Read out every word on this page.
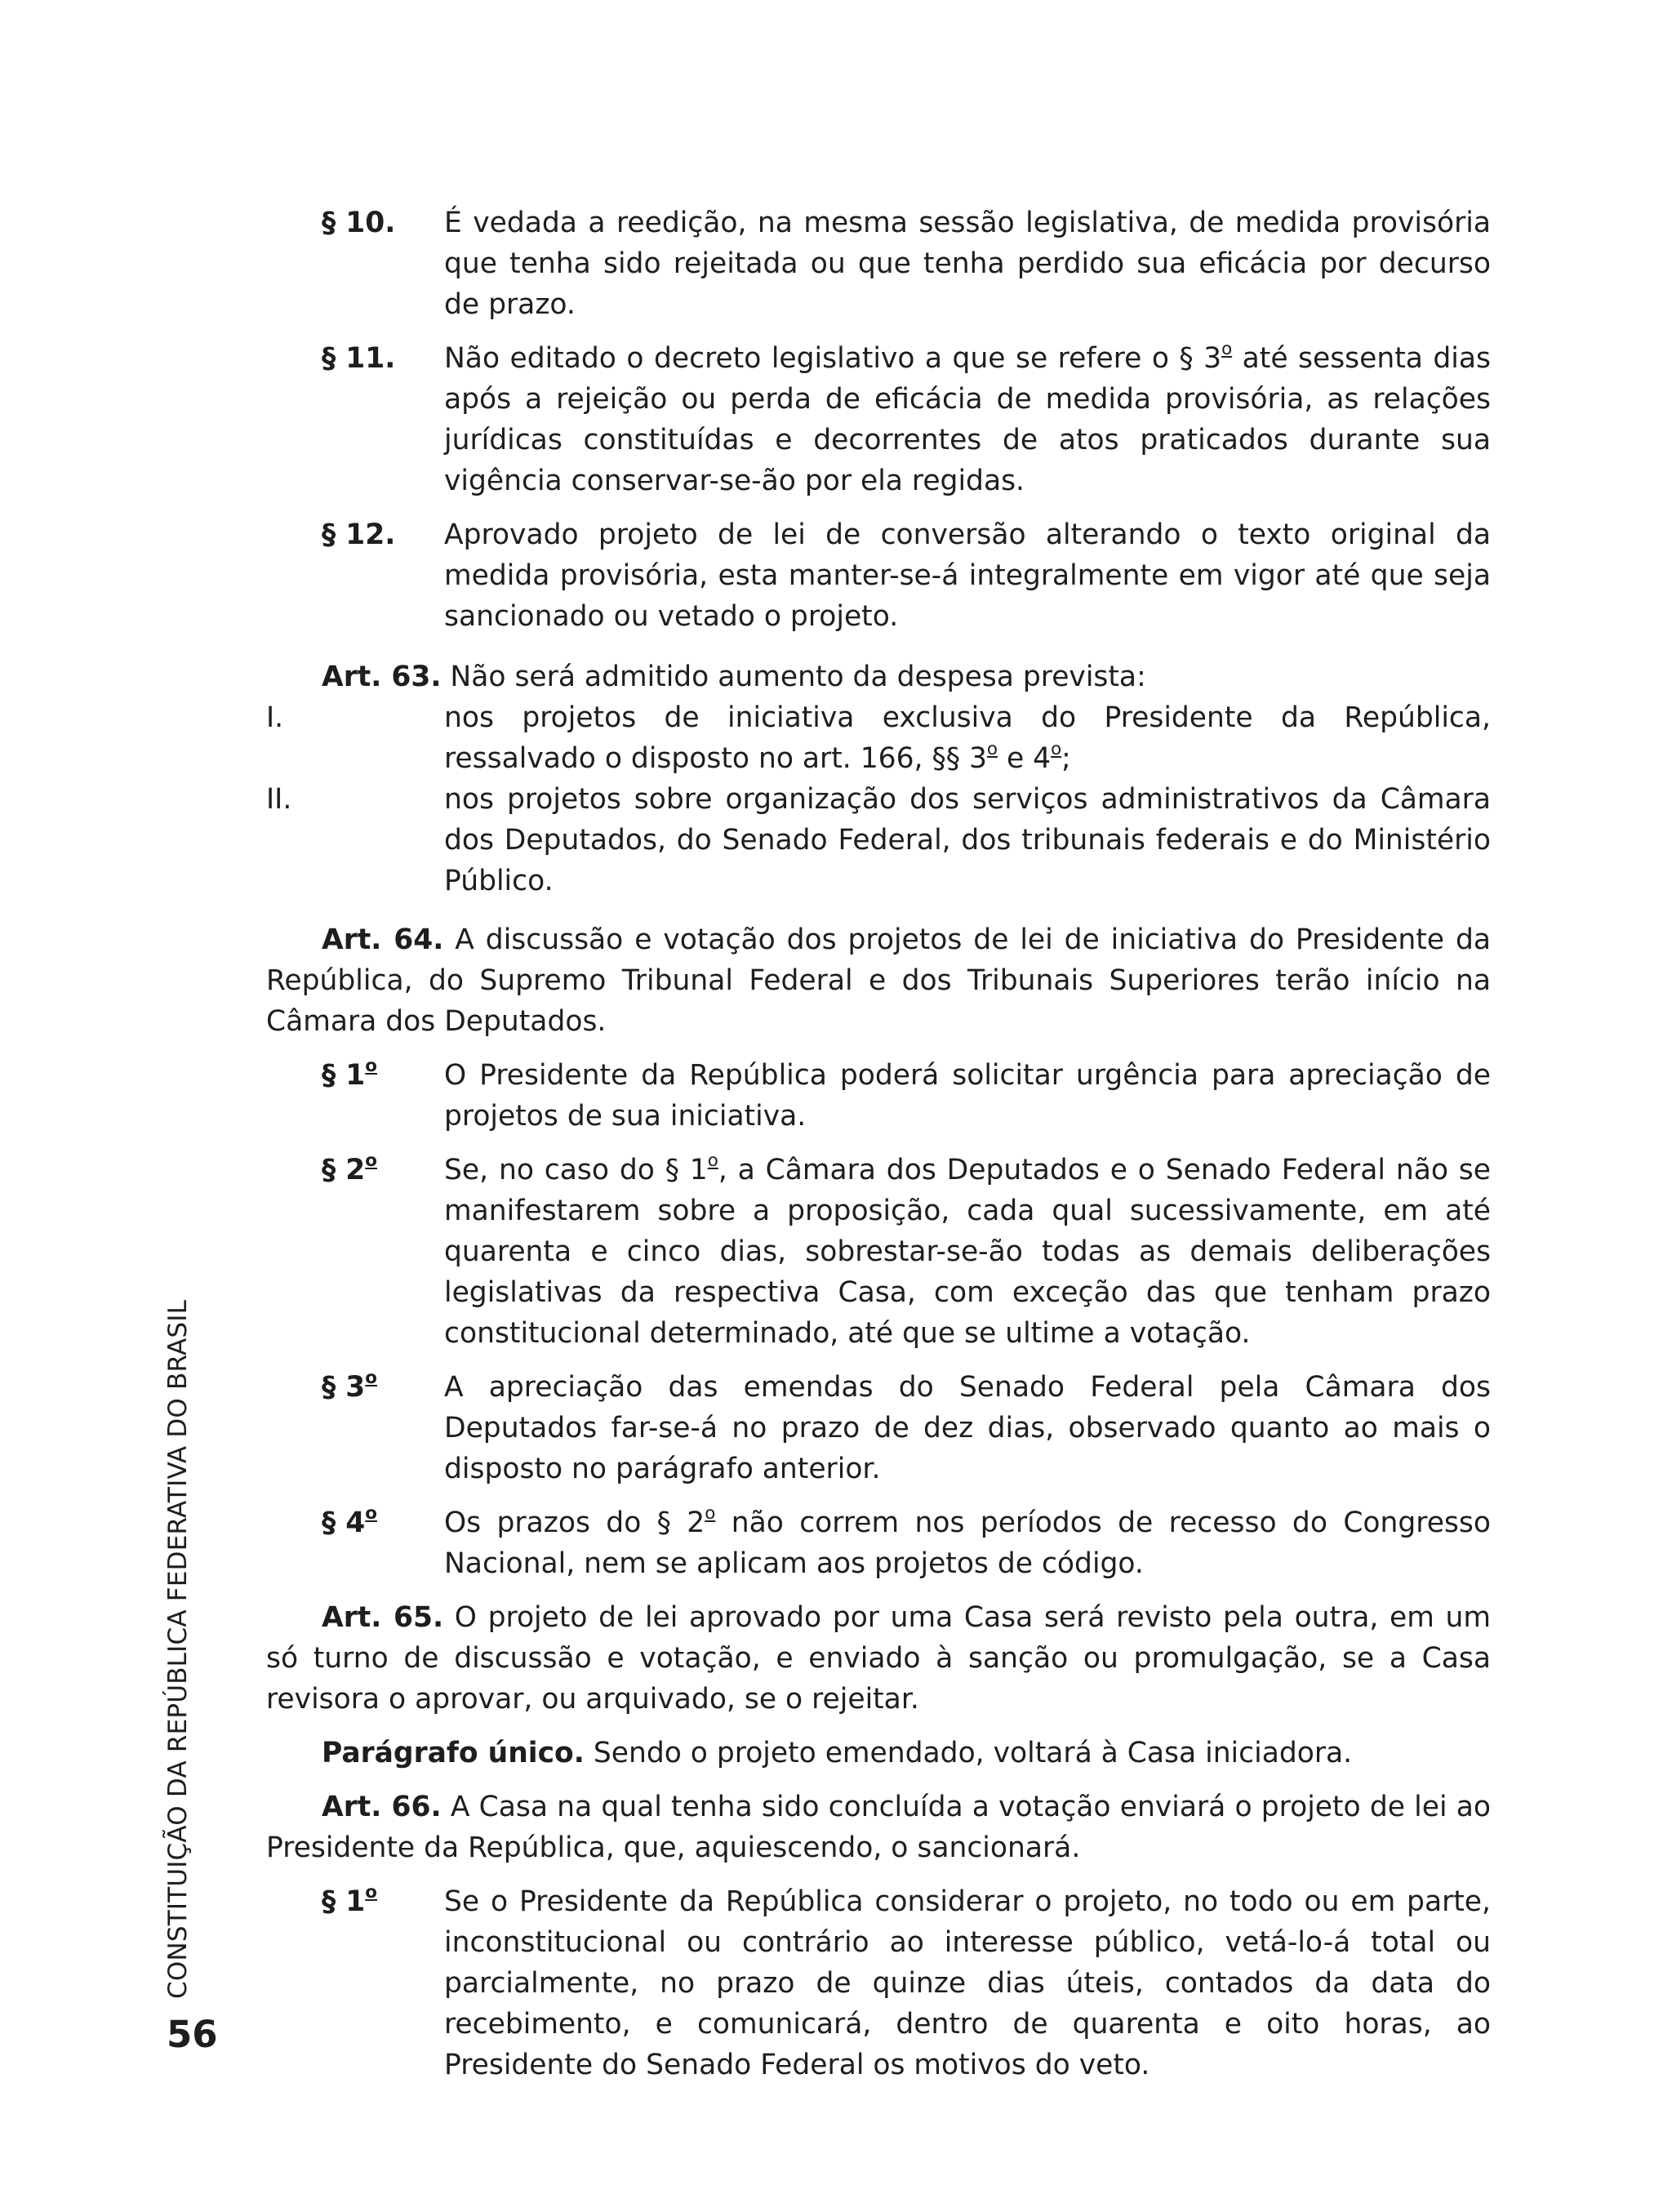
§ 10.	É vedada a reedição, na mesma sessão legislativa, de medida provisória que tenha sido rejeitada ou que tenha perdido sua eficácia por decurso de prazo.
§ 11.	Não editado o decreto legislativo a que se refere o § 3$^o$ até sessenta dias após a rejeição ou perda de eficácia de medida provisória, as relações jurídicas constituídas e decorrentes de atos praticados durante sua vigência conservar-se-ão por ela regidas.
§ 12.	Aprovado projeto de lei de conversão alterando o texto original da medida provisória, esta manter-se-á integralmente em vigor até que seja sancionado ou vetado o projeto.
Art. 63. Não será admitido aumento da despesa prevista:
I.	nos projetos de iniciativa exclusiva do Presidente da República, ressalvado o disposto no art. 166, §§ 3$^o$ e 4$^o$;
II.	nos projetos sobre organização dos serviços administrativos da Câmara dos Deputados, do Senado Federal, dos tribunais federais e do Ministério Público.
Art. 64. A discussão e votação dos projetos de lei de iniciativa do Presidente da República, do Supremo Tribunal Federal e dos Tribunais Superiores terão início na Câmara dos Deputados.
§ 1$^o$	O Presidente da República poderá solicitar urgência para apreciação de projetos de sua iniciativa.
§ 2$^o$	Se, no caso do § 1$^o$, a Câmara dos Deputados e o Senado Federal não se manifestarem sobre a proposição, cada qual sucessivamente, em até quarenta e cinco dias, sobrestar-se-ão todas as demais deliberações legislativas da respectiva Casa, com exceção das que tenham prazo constitucional determinado, até que se ultime a votação.
§ 3$^o$	A apreciação das emendas do Senado Federal pela Câmara dos Deputados far-se-á no prazo de dez dias, observado quanto ao mais o disposto no parágrafo anterior.
§ 4$^o$	Os prazos do § 2$^o$ não correm nos períodos de recesso do Congresso Nacional, nem se aplicam aos projetos de código.
Art. 65. O projeto de lei aprovado por uma Casa será revisto pela outra, em um só turno de discussão e votação, e enviado à sanção ou promulgação, se a Casa revisora o aprovar, ou arquivado, se o rejeitar.
Parágrafo único. Sendo o projeto emendado, voltará à Casa iniciadora.
Art. 66. A Casa na qual tenha sido concluída a votação enviará o projeto de lei ao Presidente da República, que, aquiescendo, o sancionará.
§ 1$^o$	Se o Presidente da República considerar o projeto, no todo ou em parte, inconstitucional ou contrário ao interesse público, vetá-lo-á total ou parcialmente, no prazo de quinze dias úteis, contados da data do recebimento, e comunicará, dentro de quarenta e oito horas, ao Presidente do Senado Federal os motivos do veto.
CONSTITUIÇÃO DA REPÚBLICA FEDERATIVA DO BRASIL
56
